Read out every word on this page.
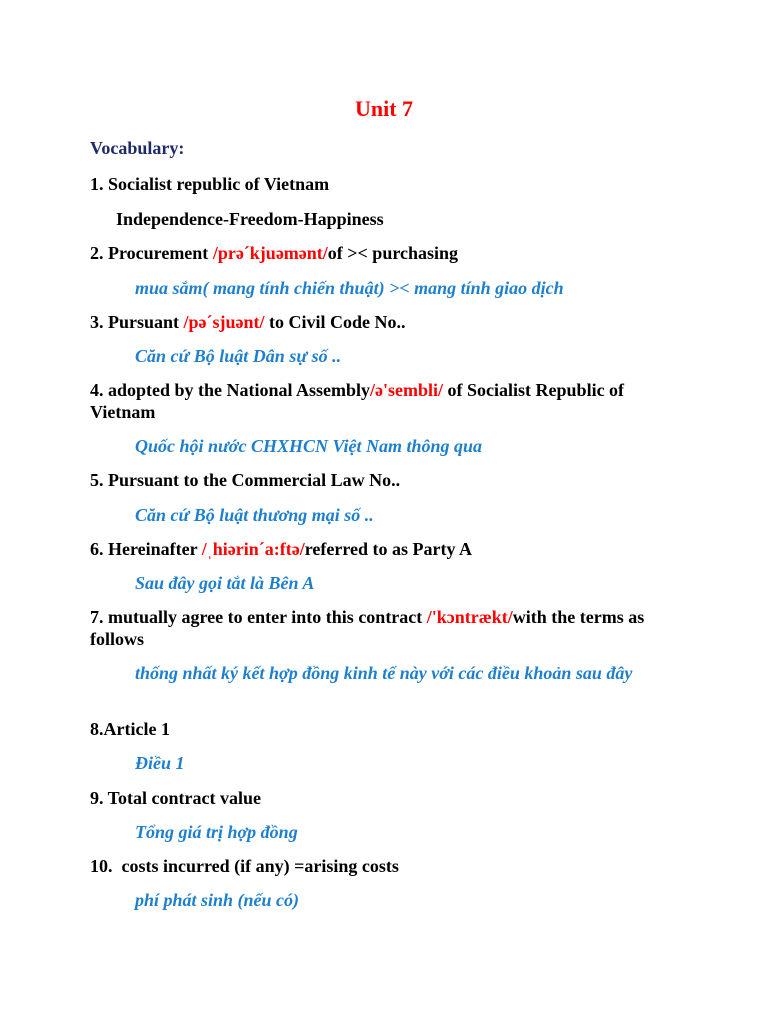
Unit 7
Vocabulary:
1. Socialist republic of Vietnam
Independence-Freedom-Happiness
2. Procurement /prə´kjuəmənt/of >< purchasing
mua sắm( mang tính chiến thuật) >< mang tính giao dịch
3. Pursuant /pə´sjuənt/ to Civil Code No..
Căn cứ Bộ luật Dân sự số ..
4. adopted by the National Assembly/ə'sembli/ of Socialist Republic of Vietnam
Quốc hội nước CHXHCN Việt Nam thông qua
5. Pursuant to the Commercial Law No..
Căn cứ Bộ luật thương mại số ..
6. Hereinafter /ˌhiərin´a:ftə/referred to as Party A
Sau đây gọi tắt là Bên A
7. mutually agree to enter into this contract /'kɔntrækt/with the terms as follows
thống nhất ký kết hợp đồng kinh tế này với các điều khoản sau đây
8.Article 1
Điều 1
9. Total contract value
Tổng giá trị hợp đồng
10.  costs incurred (if any) =arising costs
phí phát sinh (nếu có)
